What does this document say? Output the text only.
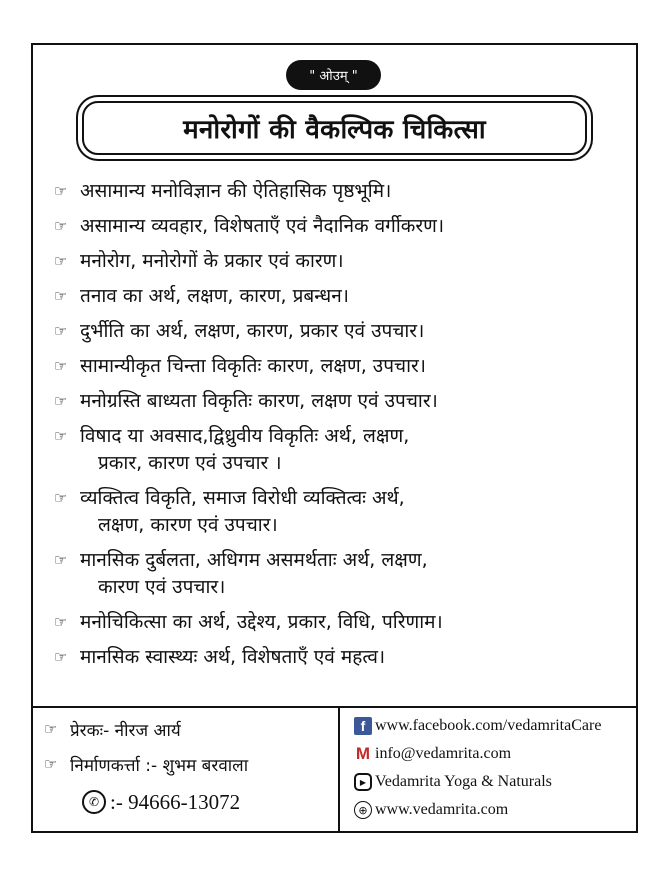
" ओउम् "
मनोरोगों की वैकल्पिक चिकित्सा
☞ असामान्य मनोविज्ञान की ऐतिहासिक पृष्ठभूमि।
☞ असामान्य व्यवहार, विशेषताएँ एवं नैदानिक वर्गीकरण।
☞ मनोरोग, मनोरोगों के प्रकार एवं कारण।
☞ तनाव का अर्थ, लक्षण, कारण, प्रबन्धन।
☞ दुर्भीति का अर्थ, लक्षण, कारण, प्रकार एवं उपचार।
☞ सामान्यीकृत चिन्ता विकृतिः कारण, लक्षण, उपचार।
☞ मनोग्रस्ति बाध्यता विकृतिः कारण, लक्षण एवं उपचार।
☞ विषाद या अवसाद,द्विध्रुवीय विकृतिः अर्थ, लक्षण,
प्रकार, कारण एवं उपचार ।
☞ व्यक्तित्व विकृति, समाज विरोधी व्यक्तित्वः अर्थ,
लक्षण, कारण एवं उपचार।
☞ मानसिक दुर्बलता, अधिगम असमर्थताः अर्थ, लक्षण,
कारण एवं उपचार।
☞ मनोचिकित्सा का अर्थ, उद्देश्य, प्रकार, विधि, परिणाम।
☞ मानसिक स्वास्थ्यः अर्थ, विशेषताएँ एवं महत्व।
☞ प्रेरकः- नीरज आर्य
☞ निर्माणकर्त्ता :- शुभम बरवाला
✆ :- 94666-13072
f www.facebook.com/vedamritaCare
M info@vedamrita.com
▶ Vedamrita Yoga & Naturals
⊕ www.vedamrita.com
